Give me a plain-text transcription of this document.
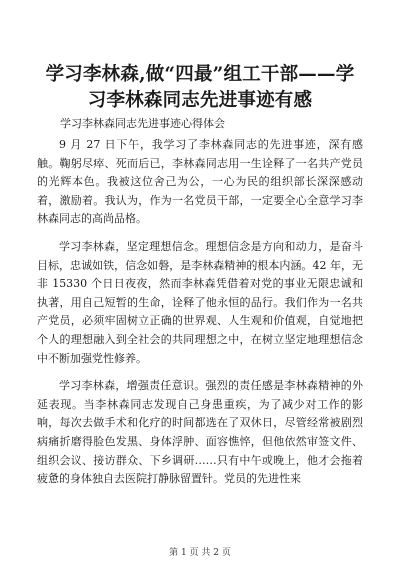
学习李林森,做“四最”组工干部——学习李林森同志先进事迹有感
学习李林森同志先进事迹心得体会

9 月 27 日下午，我学习了李林森同志的先进事迹，深有感触。鞠躬尽瘁、死而后已，李林森同志用一生诠释了一名共产党员的光辉本色。我被这位舍己为公，一心为民的组织部长深深感动着，激励着。我认为，作为一名党员干部，一定要全心全意学习李林森同志的高尚品格。

学习李林森，坚定理想信念。理想信念是方向和动力，是奋斗目标，忠诚如铁，信念如磐，是李林森精神的根本内涵。42 年，无非 15330 个日日夜夜，然而李林森凭借着对党的事业无限忠诚和执著，用自己短暂的生命，诠释了他永恒的品行。我们作为一名共产党员，必须牢固树立正确的世界观、人生观和价值观，自觉地把个人的理想融入到全社会的共同理想之中，在树立坚定地理想信念中不断加强党性修养。

学习李林森，增强责任意识。强烈的责任感是李林森精神的外延表现。当李林森同志发现自己身患重疾，为了减少对工作的影响，每次去做手术和化疗的时间都选在了双休日，尽管经常被剧烈病痛折磨得脸色发黑、身体浮肿、面容憔悴，但他依然审签文件、组织会议、接访群众、下乡调研……只有中午或晚上，他才会拖着疲惫的身体独自去医院打静脉留置针。党员的先进性来

第 1 页 共 2 页
